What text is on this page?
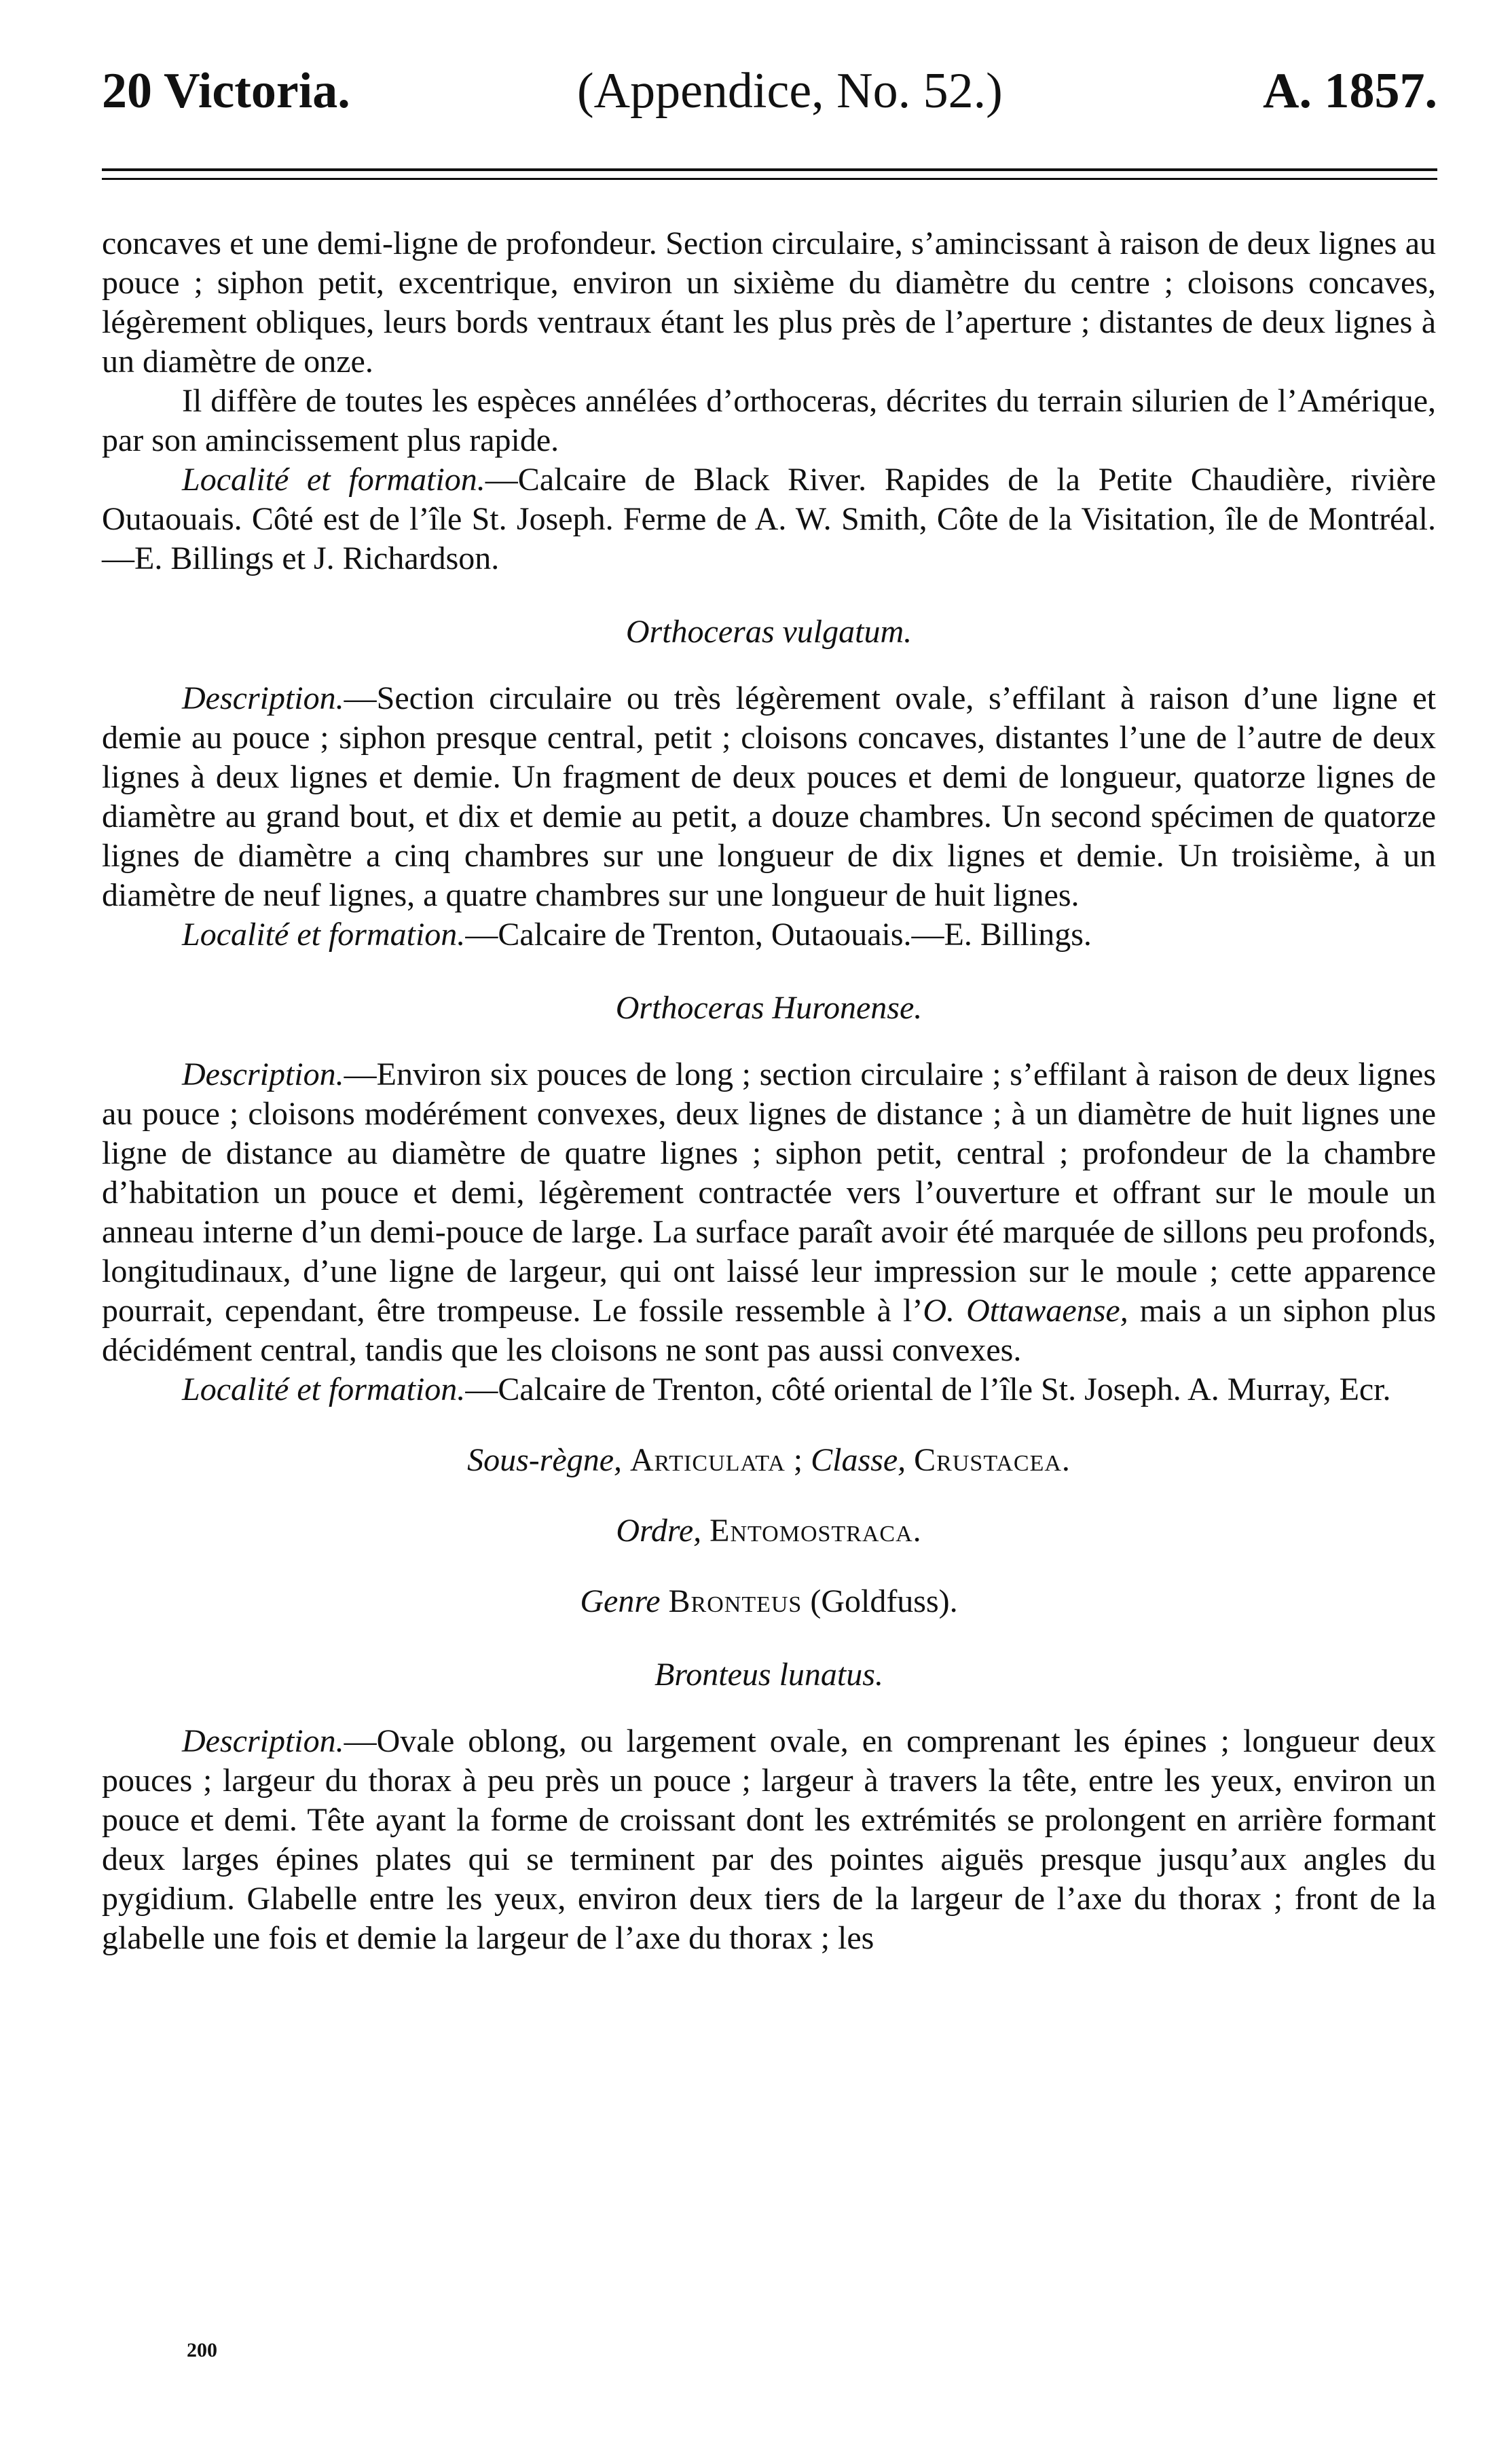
20 Victoria.	(Appendice, No. 52.)	A. 1857.

concaves et une demi-ligne de profondeur. Section circulaire, s’amincissant à raison de deux lignes au pouce ; siphon petit, excentrique, environ un sixième du diamètre du centre ; cloisons concaves, légèrement obliques, leurs bords ventraux étant les plus près de l’aperture ; distantes de deux lignes à un diamètre de onze.

Il diffère de toutes les espèces annélées d’orthoceras, décrites du terrain silurien de l’Amérique, par son amincissement plus rapide.

Localité et formation.—Calcaire de Black River. Rapides de la Petite Chaudière, rivière Outaouais. Côté est de l’île St. Joseph. Ferme de A. W. Smith, Côte de la Visitation, île de Montréal.—E. Billings et J. Richardson.

Orthoceras vulgatum.

Description.—Section circulaire ou très légèrement ovale, s’effilant à raison d’une ligne et demie au pouce ; siphon presque central, petit ; cloisons concaves, distantes l’une de l’autre de deux lignes à deux lignes et demie. Un fragment de deux pouces et demi de longueur, quatorze lignes de diamètre au grand bout, et dix et demie au petit, a douze chambres. Un second spécimen de quatorze lignes de diamètre a cinq chambres sur une longueur de dix lignes et demie. Un troisième, à un diamètre de neuf lignes, a quatre chambres sur une longueur de huit lignes.

Localité et formation.—Calcaire de Trenton, Outaouais.—E. Billings.

Orthoceras Huronense.

Description.—Environ six pouces de long ; section circulaire ; s’effilant à raison de deux lignes au pouce ; cloisons modérément convexes, deux lignes de distance ; à un diamètre de huit lignes une ligne de distance au diamètre de quatre lignes ; siphon petit, central ; profondeur de la chambre d’habitation un pouce et demi, légèrement contractée vers l’ouverture et offrant sur le moule un anneau interne d’un demi-pouce de large. La surface paraît avoir été marquée de sillons peu profonds, longitudinaux, d’une ligne de largeur, qui ont laissé leur impression sur le moule ; cette apparence pourrait, cependant, être trompeuse. Le fossile ressemble à l’O. Ottawaense, mais a un siphon plus décidément central, tandis que les cloisons ne sont pas aussi convexes.

Localité et formation.—Calcaire de Trenton, côté oriental de l’île St. Joseph. A. Murray, Ecr.

Sous-règne, Articulata ; Classe, Crustacea.

Ordre, Entomostraca.

Genre Bronteus (Goldfuss).

Bronteus lunatus.

Description.—Ovale oblong, ou largement ovale, en comprenant les épines ; longueur deux pouces ; largeur du thorax à peu près un pouce ; largeur à travers la tête, entre les yeux, environ un pouce et demi. Tête ayant la forme de croissant dont les extrémités se prolongent en arrière formant deux larges épines plates qui se terminent par des pointes aiguës presque jusqu’aux angles du pygidium. Glabelle entre les yeux, environ deux tiers de la largeur de l’axe du thorax ; front de la glabelle une fois et demie la largeur de l’axe du thorax ; les

200
